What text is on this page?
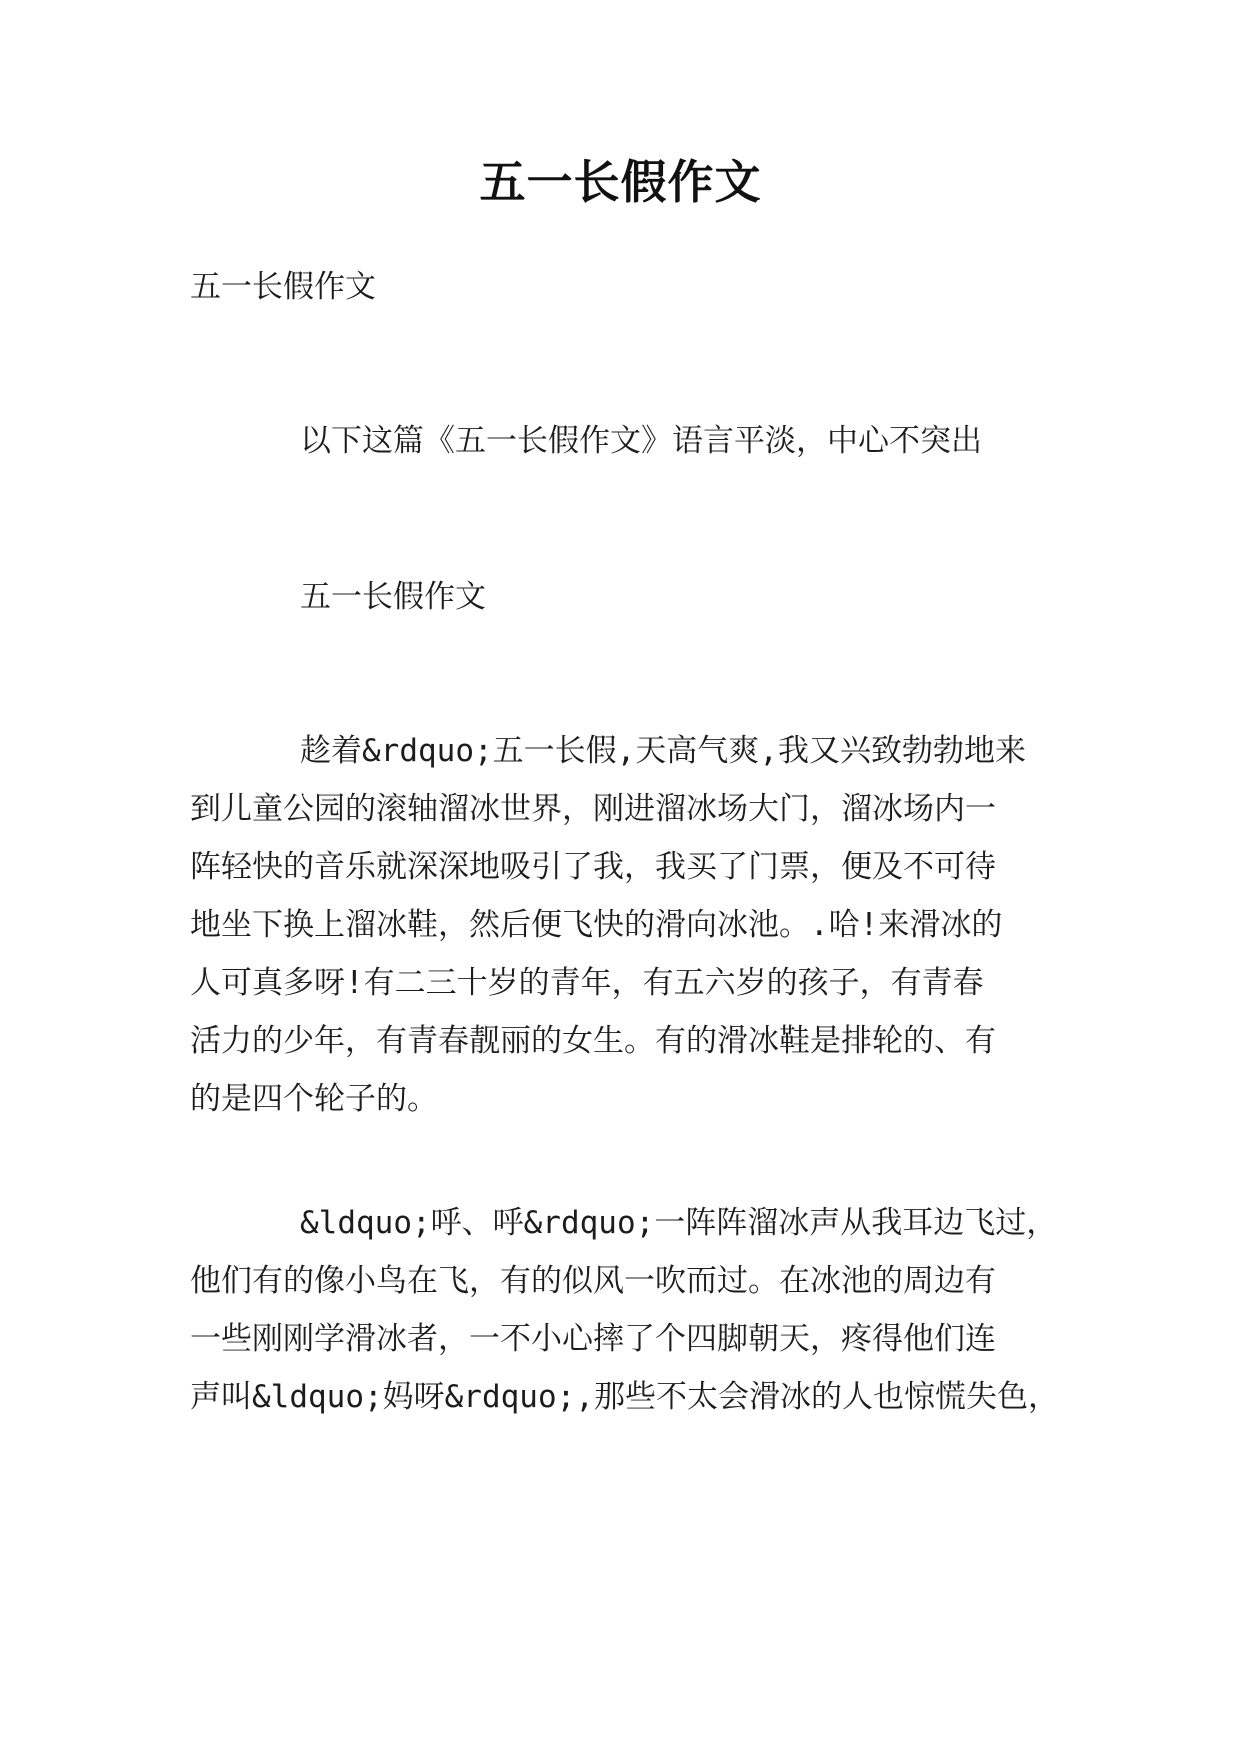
五一长假作文

五一长假作文

以下这篇《五一长假作文》语言平淡，中心不突出

五一长假作文

趁着&rdquo;五一长假,天高气爽,我又兴致勃勃地来
到儿童公园的滚轴溜冰世界，刚进溜冰场大门，溜冰场内一
阵轻快的音乐就深深地吸引了我，我买了门票，便及不可待
地坐下换上溜冰鞋，然后便飞快的滑向冰池。.哈!来滑冰的
人可真多呀!有二三十岁的青年，有五六岁的孩子，有青春
活力的少年，有青春靓丽的女生。有的滑冰鞋是排轮的、有
的是四个轮子的。
&ldquo;呼、呼&rdquo;一阵阵溜冰声从我耳边飞过，
他们有的像小鸟在飞，有的似风一吹而过。在冰池的周边有
一些刚刚学滑冰者，一不小心摔了个四脚朝天，疼得他们连
声叫&ldquo;妈呀&rdquo;,那些不太会滑冰的人也惊慌失色，
